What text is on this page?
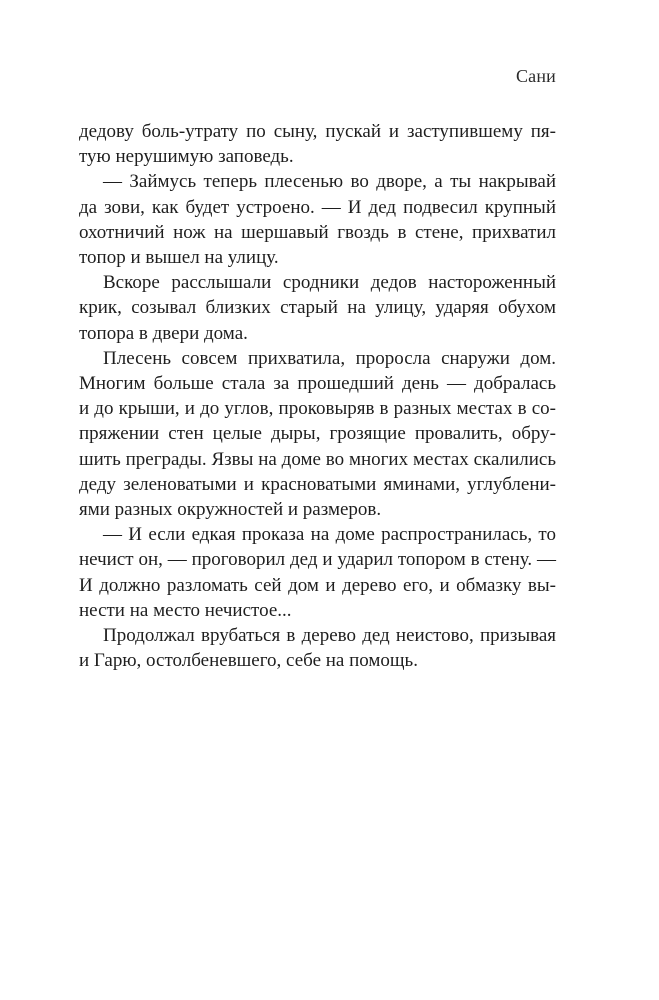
Сани
дедову боль-утрату по сыну, пускай и заступившему пя-
тую нерушимую заповедь.
— Займусь теперь плесенью во дворе, а ты накрывай
да зови, как будет устроено. — И дед подвесил крупный
охотничий нож на шершавый гвоздь в стене, прихватил
топор и вышел на улицу.
Вскоре расслышали сродники дедов настороженный
крик, созывал близких старый на улицу, ударяя обухом
топора в двери дома.
Плесень совсем прихватила, проросла снаружи дом.
Многим больше стала за прошедший день — добралась
и до крыши, и до углов, проковыряв в разных местах в со-
пряжении стен целые дыры, грозящие провалить, обру-
шить преграды. Язвы на доме во многих местах скалились
деду зеленоватыми и красноватыми яминами, углублени-
ями разных окружностей и размеров.
— И если едкая проказа на доме распространилась, то
нечист он, — проговорил дед и ударил топором в стену. —
И должно разломать сей дом и дерево его, и обмазку вы-
нести на место нечистое...
Продолжал врубаться в дерево дед неистово, призывая
и Гарю, остолбеневшего, себе на помощь.
